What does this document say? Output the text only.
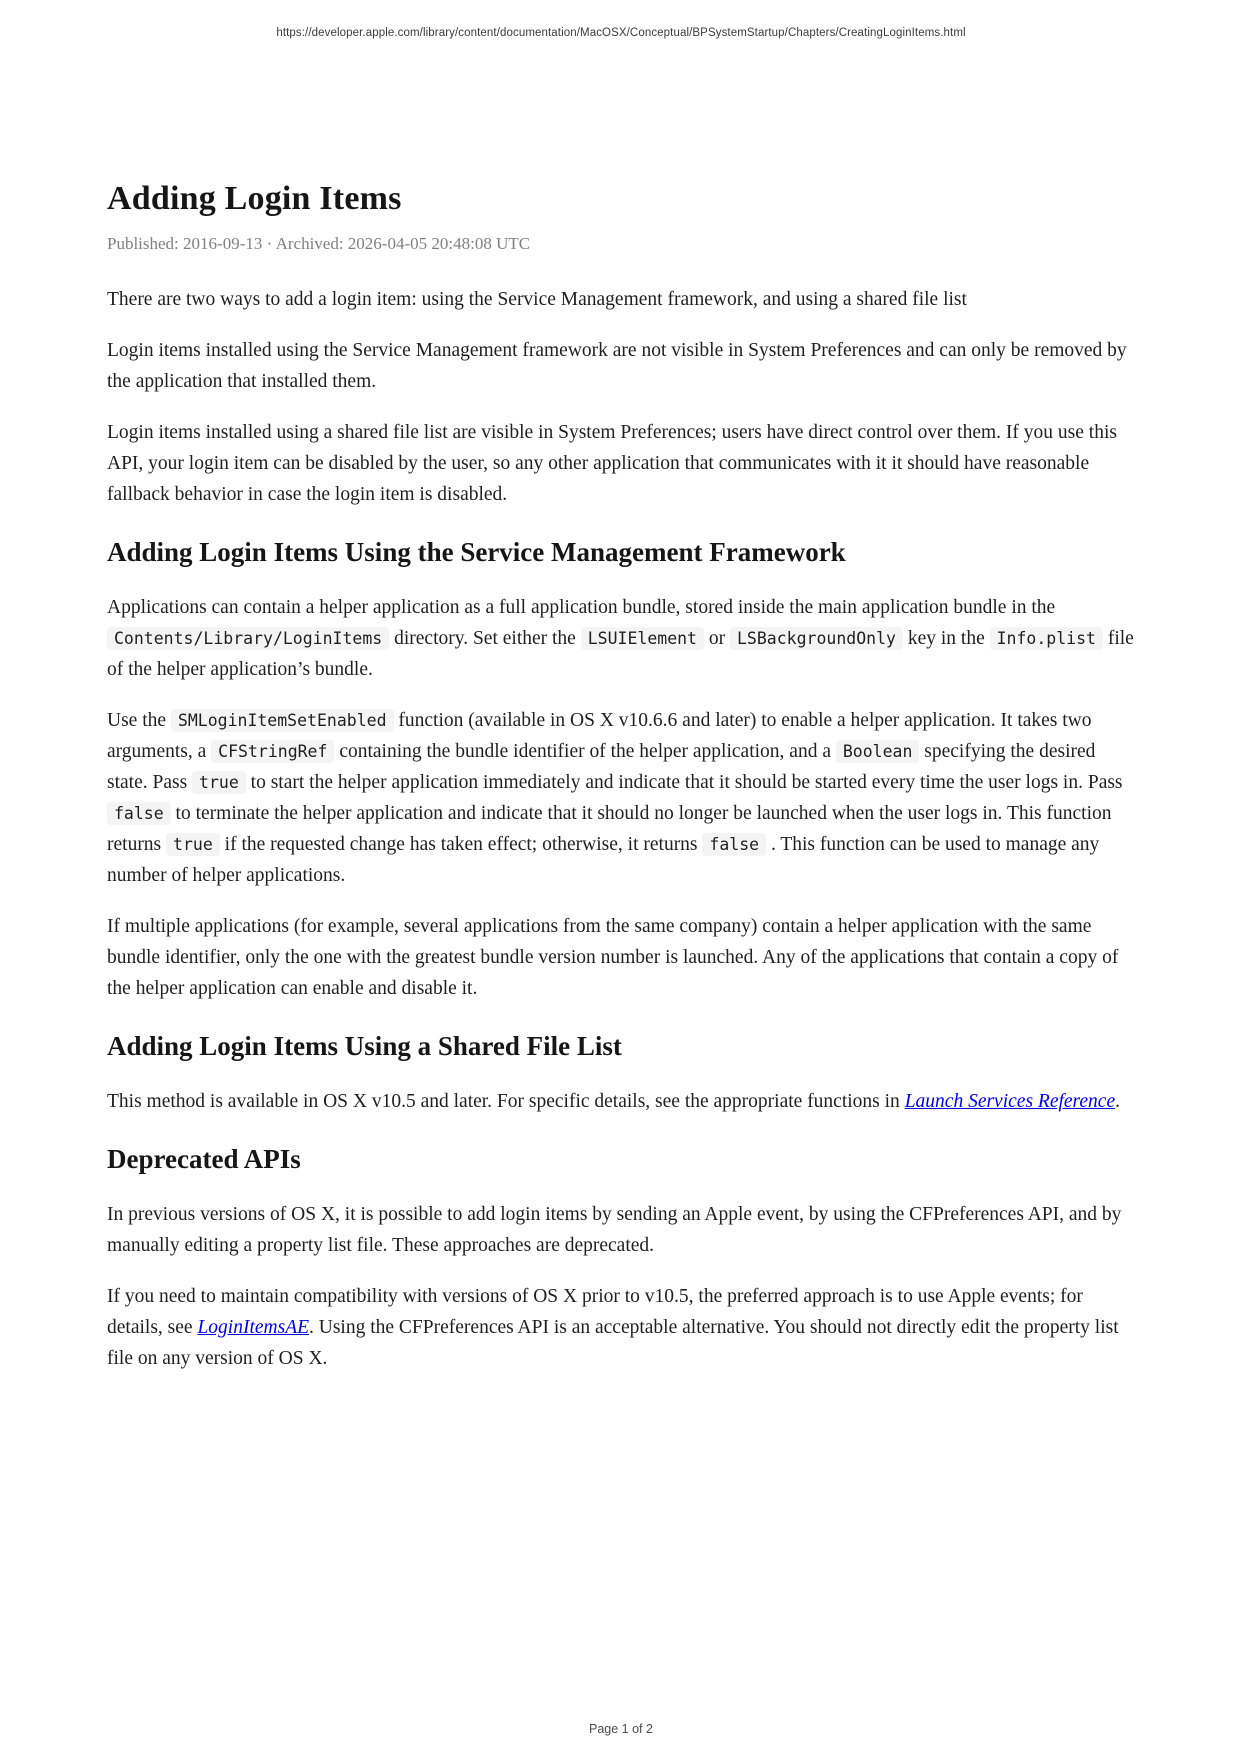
https://developer.apple.com/library/content/documentation/MacOSX/Conceptual/BPSystemStartup/Chapters/CreatingLoginItems.html
Adding Login Items

Published: 2016-09-13 · Archived: 2026-04-05 20:48:08 UTC

There are two ways to add a login item: using the Service Management framework, and using a shared file list

Login items installed using the Service Management framework are not visible in System Preferences and can only be removed by the application that installed them.

Login items installed using a shared file list are visible in System Preferences; users have direct control over them. If you use this API, your login item can be disabled by the user, so any other application that communicates with it it should have reasonable fallback behavior in case the login item is disabled.

Adding Login Items Using the Service Management Framework

Applications can contain a helper application as a full application bundle, stored inside the main application bundle in the Contents/Library/LoginItems directory. Set either the LSUIElement or LSBackgroundOnly key in the Info.plist file of the helper application’s bundle.

Use the SMLoginItemSetEnabled function (available in OS X v10.6.6 and later) to enable a helper application. It takes two arguments, a CFStringRef containing the bundle identifier of the helper application, and a Boolean specifying the desired state. Pass true to start the helper application immediately and indicate that it should be started every time the user logs in. Pass false to terminate the helper application and indicate that it should no longer be launched when the user logs in. This function returns true if the requested change has taken effect; otherwise, it returns false . This function can be used to manage any number of helper applications.

If multiple applications (for example, several applications from the same company) contain a helper application with the same bundle identifier, only the one with the greatest bundle version number is launched. Any of the applications that contain a copy of the helper application can enable and disable it.

Adding Login Items Using a Shared File List

This method is available in OS X v10.5 and later. For specific details, see the appropriate functions in Launch Services Reference.

Deprecated APIs

In previous versions of OS X, it is possible to add login items by sending an Apple event, by using the CFPreferences API, and by manually editing a property list file. These approaches are deprecated.

If you need to maintain compatibility with versions of OS X prior to v10.5, the preferred approach is to use Apple events; for details, see LoginItemsAE. Using the CFPreferences API is an acceptable alternative. You should not directly edit the property list file on any version of OS X.

Page 1 of 2
